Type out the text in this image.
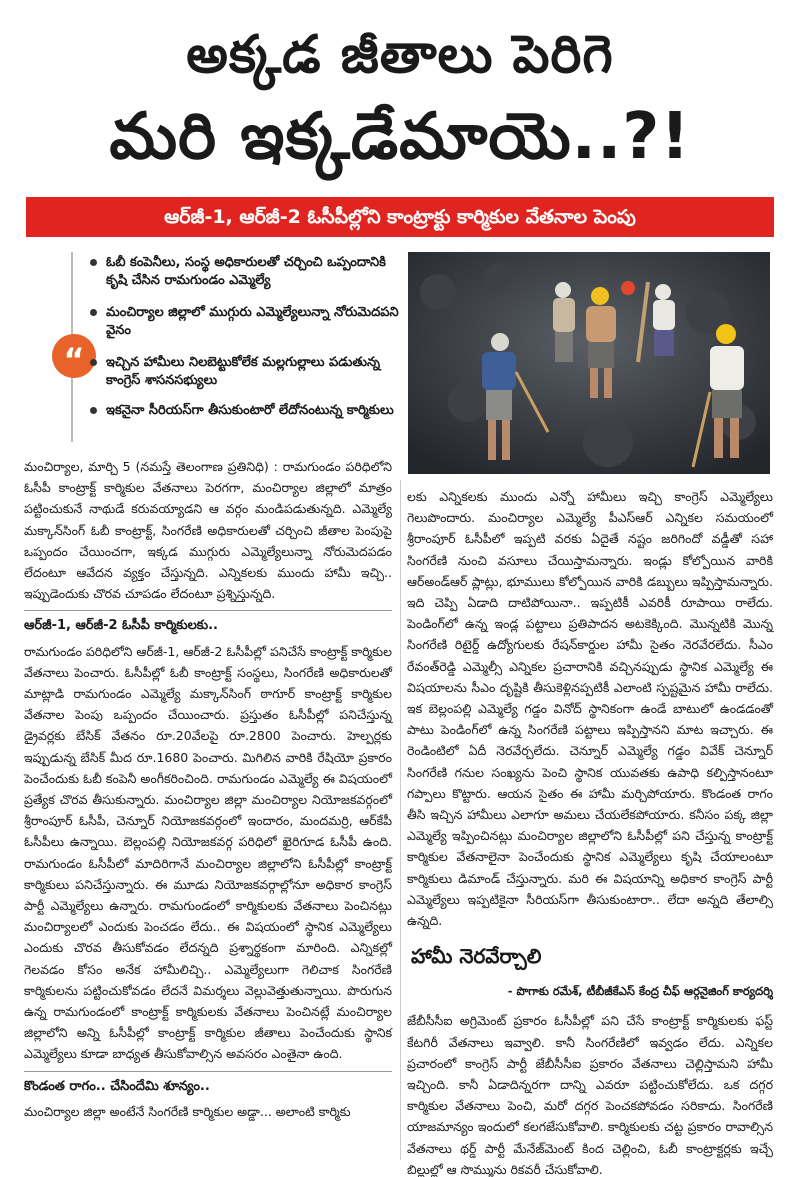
అక్కడ జీతాలు పెరిగె
మరి ఇక్కడేమాయె..?!
ఆర్‌జీ-1, ఆర్‌జీ-2 ఓసీపీల్లోని కాంట్రాక్టు కార్మికుల వేతనాల పెంపు
“
ఓబీ కంపెనీలు, సంస్థ అధికారులతో చర్చించి ఒప్పందానికి కృషి చేసిన రామగుండం ఎమ్మెల్యే
మంచిర్యాల జిల్లాలో ముగ్గురు ఎమ్మెల్యేలున్నా నోరుమెదపని వైనం
ఇచ్చిన హామీలు నిలబెట్టుకోలేక మల్లగుల్లాలు పడుతున్న కాంగ్రెస్ శాసనసభ్యులు
ఇకనైనా సీరియస్‌గా తీసుకుంటారో లేదోనంటున్న కార్మికులు

మంచిర్యాల, మార్చి 5 (నమస్తే తెలంగాణ ప్రతినిధి) : రామగుండం పరిధిలోని ఓసీపీ కాంట్రాక్ట్ కార్మికుల వేతనాలు పెరగగా, మంచిర్యాల జిల్లాలో మాత్రం పట్టించుకునే నాథుడే కరువయ్యాడని ఆ వర్గం మండిపడుతున్నది. ఎమ్మెల్యే మక్కాన్‌సింగ్ ఓబీ కాంట్రాక్ట్, సింగరేణి అధికారులతో చర్చించి జీతాల పెంపుపై ఒప్పందం చేయించగా, ఇక్కడ ముగ్గురు ఎమ్మెల్యేలున్నా నోరుమెదపడం లేదంటూ ఆవేదన వ్యక్తం చేస్తున్నది. ఎన్నికలకు ముందు హామీ ఇచ్చి.. ఇప్పుడెందుకు చొరవ చూపడం లేదంటూ ప్రశ్నిస్తున్నది.

ఆర్‌జీ-1, ఆర్‌జీ-2 ఓసీపీ కార్మికులకు..

రామగుండం పరిధిలోని ఆర్‌జీ-1, ఆర్‌జీ-2 ఓసీపీల్లో పనిచేసే కాంట్రాక్ట్ కార్మికుల వేతనాలు పెంచారు. ఓసీపీల్లో ఓబీ కాంట్రాక్ట్ సంస్థలు, సింగరేణి అధికారులతో మాట్లాడి రామగుండం ఎమ్మెల్యే మక్కాన్‌సింగ్ ఠాగూర్ కాంట్రాక్ట్ కార్మికుల వేతనాల పెంపు ఒప్పందం చేయించారు. ప్రస్తుతం ఓసీపీల్లో పనిచేస్తున్న డ్రైవర్లకు బేసిక్ వేతనం రూ.20వేలపై రూ.2800 పెంచారు. హెల్పర్లకు ఇప్పుడున్న బేసిక్ మీద రూ.1680 పెంచారు. మిగిలిన వారికి రేషియో ప్రకారం పెంచేందుకు ఓబీ కంపెనీ అంగీకరించింది. రామగుండం ఎమ్మెల్యే ఈ విషయంలో ప్రత్యేక చొరవ తీసుకున్నారు. మంచిర్యాల జిల్లా మంచిర్యాల నియోజకవర్గంలో శ్రీరాంపూర్ ఓసీపీ, చెన్నూర్ నియోజకవర్గంలో ఇందారం, మందమర్రి, ఆర్‌కేపీ ఓసీపీలు ఉన్నాయి. బెల్లంపల్లి నియోజకవర్గ పరిధిలో ఖైరిగూడ ఓసీపీ ఉంది. రామగుండం ఓసీపీలో మాదిరిగానే మంచిర్యాల జిల్లాలోని ఓసీపీల్లో కాంట్రాక్ట్ కార్మికులు పనిచేస్తున్నారు. ఈ మూడు నియోజకవర్గాల్లోనూ అధికార కాంగ్రెస్ పార్టీ ఎమ్మెల్యేలు ఉన్నారు. రామగుండంలో కార్మికులకు వేతనాలు పెంచినట్లు మంచిర్యాలలో ఎందుకు పెంచడం లేదు.. ఈ విషయంలో స్థానిక ఎమ్మెల్యేలు ఎందుకు చొరవ తీసుకోవడం లేదన్నది ప్రశ్నార్థకంగా మారింది. ఎన్నికల్లో గెలవడం కోసం అనేక హామీలిచ్చి.. ఎమ్మెల్యేలుగా గెలిచాక సింగరేణి కార్మికులను పట్టించుకోవడం లేదనే విమర్శలు వెల్లువెత్తుతున్నాయి. పొరుగున ఉన్న రామగుండంలో కాంట్రాక్ట్ కార్మికులకు వేతనాలు పెంచినట్లే మంచిర్యాల జిల్లాలోని అన్ని ఓసీపీల్లో కాంట్రాక్ట్ కార్మికుల జీతాలు పెంచేందుకు స్థానిక ఎమ్మెల్యేలు కూడా బాధ్యత తీసుకోవాల్సిన అవసరం ఎంతైనా ఉంది.

కొండంత రాగం.. చేసిందేమి శూన్యం..

మంచిర్యాల జిల్లా అంటేనే సింగరేణి కార్మికుల అడ్డా... అలాంటి కార్మికు

లకు ఎన్నికలకు ముందు ఎన్నో హామీలు ఇచ్చి కాంగ్రెస్ ఎమ్మెల్యేలు గెలుపొందారు. మంచిర్యాల ఎమ్మెల్యే పీఎస్ఆర్ ఎన్నికల సమయంలో శ్రీరాంపూర్ ఓసీపీలో ఇప్పటి వరకు ఏదైతే నష్టం జరిగిందో వడ్డీతో సహా సింగరేణి నుంచి వసూలు చేయిస్తామన్నారు. ఇండ్లు కోల్పోయిన వారికి ఆర్‌అండ్‌ఆర్ ప్లాట్లు, భూములు కోల్పోయిన వారికి డబ్బులు ఇప్పిస్తామన్నారు. ఇది చెప్పి ఏడాది దాటిపోయినా.. ఇప్పటికీ ఎవరికీ రూపాయి రాలేదు. పెండింగ్‌లో ఉన్న ఇండ్ల పట్టాలు ప్రతిపాదన అటకెక్కింది. మొన్నటికి మొన్న సింగరేణి రిటైర్డ్ ఉద్యోగులకు రేషన్‌కార్డుల హామీ సైతం నెరవేరలేదు. సీఎం రేవంత్‌రెడ్డి ఎమ్మెల్సీ ఎన్నికల ప్రచారానికి వచ్చినప్పుడు స్థానిక ఎమ్మెల్యే ఈ విషయాలను సీఎం దృష్టికి తీసుకెళ్లినప్పటికీ ఎలాంటి స్పష్టమైన హామీ రాలేదు. ఇక బెల్లంపల్లి ఎమ్మెల్యే గడ్డం వినోద్ స్థానికంగా ఉండే బాటులో ఉండడంతో పాటు పెండింగ్‌లో ఉన్న సింగరేణి పట్టాలు ఇప్పిస్తానని మాట ఇచ్చారు. ఈ రెండింటిలో ఏదీ నెరవేర్చలేదు. చెన్నూర్ ఎమ్మెల్యే గడ్డం వివేక్ చెన్నూర్ సింగరేణి గనుల సంఖ్యను పెంచి స్థానిక యువతకు ఉపాధి కల్పిస్తానంటూ గప్పాలు కొట్టారు. ఆయన సైతం ఈ హామీ మర్చిపోయారు. కొండంత రాగం తీసి ఇచ్చిన హామీలు ఎలాగూ అమలు చేయలేకపోయారు. కనీసం పక్క జిల్లా ఎమ్మెల్యే ఇప్పించినట్లు మంచిర్యాల జిల్లాలోని ఓసీపీల్లో పని చేస్తున్న కాంట్రాక్ట్ కార్మికుల వేతనాలైనా పెంచేందుకు స్థానిక ఎమ్మెల్యేలు కృషి చేయాలంటూ కార్మికులు డిమాండ్ చేస్తున్నారు. మరి ఈ విషయాన్ని అధికార కాంగ్రెస్ పార్టీ ఎమ్మెల్యేలు ఇప్పటికైనా సీరియస్‌గా తీసుకుంటారా.. లేదా అన్నది తేలాల్సి ఉన్నది.

హామీ నెరవేర్చాలి
- పొగాకు రమేశ్, టీబీజీకేఎస్ కేంద్ర చీఫ్ ఆర్గనైజింగ్ కార్యదర్శి

జేబీసీసీఐ అగ్రిమెంట్ ప్రకారం ఓసీపీల్లో పని చేసే కాంట్రాక్ట్ కార్మికులకు ఫస్ట్ కేటగిరీ వేతనాలు ఇవ్వాలి. కానీ సింగరేణిలో ఇవ్వడం లేదు. ఎన్నికల ప్రచారంలో కాంగ్రెస్ పార్టీ జేబీసీసీఐ ప్రకారం వేతనాలు చెల్లిస్తామని హామీ ఇచ్చింది. కానీ ఏడాదిన్నరగా దాన్ని ఎవరూ పట్టించుకోలేదు. ఒక దగ్గర కార్మికుల వేతనాలు పెంచి, మరో దగ్గర పెంచకపోవడం సరికాదు. సింగరేణి యాజమాన్యం ఇందులో కలగజేసుకోవాలి. కార్మికులకు చట్ట ప్రకారం రావాల్సిన వేతనాలు థర్డ్ పార్టీ మేనేజ్‌మెంట్ కింద చెల్లించి, ఓబీ కాంట్రాక్టర్లకు ఇచ్చే బిల్లుల్లో ఆ సొమ్మును రికవరీ చేసుకోవాలి.
